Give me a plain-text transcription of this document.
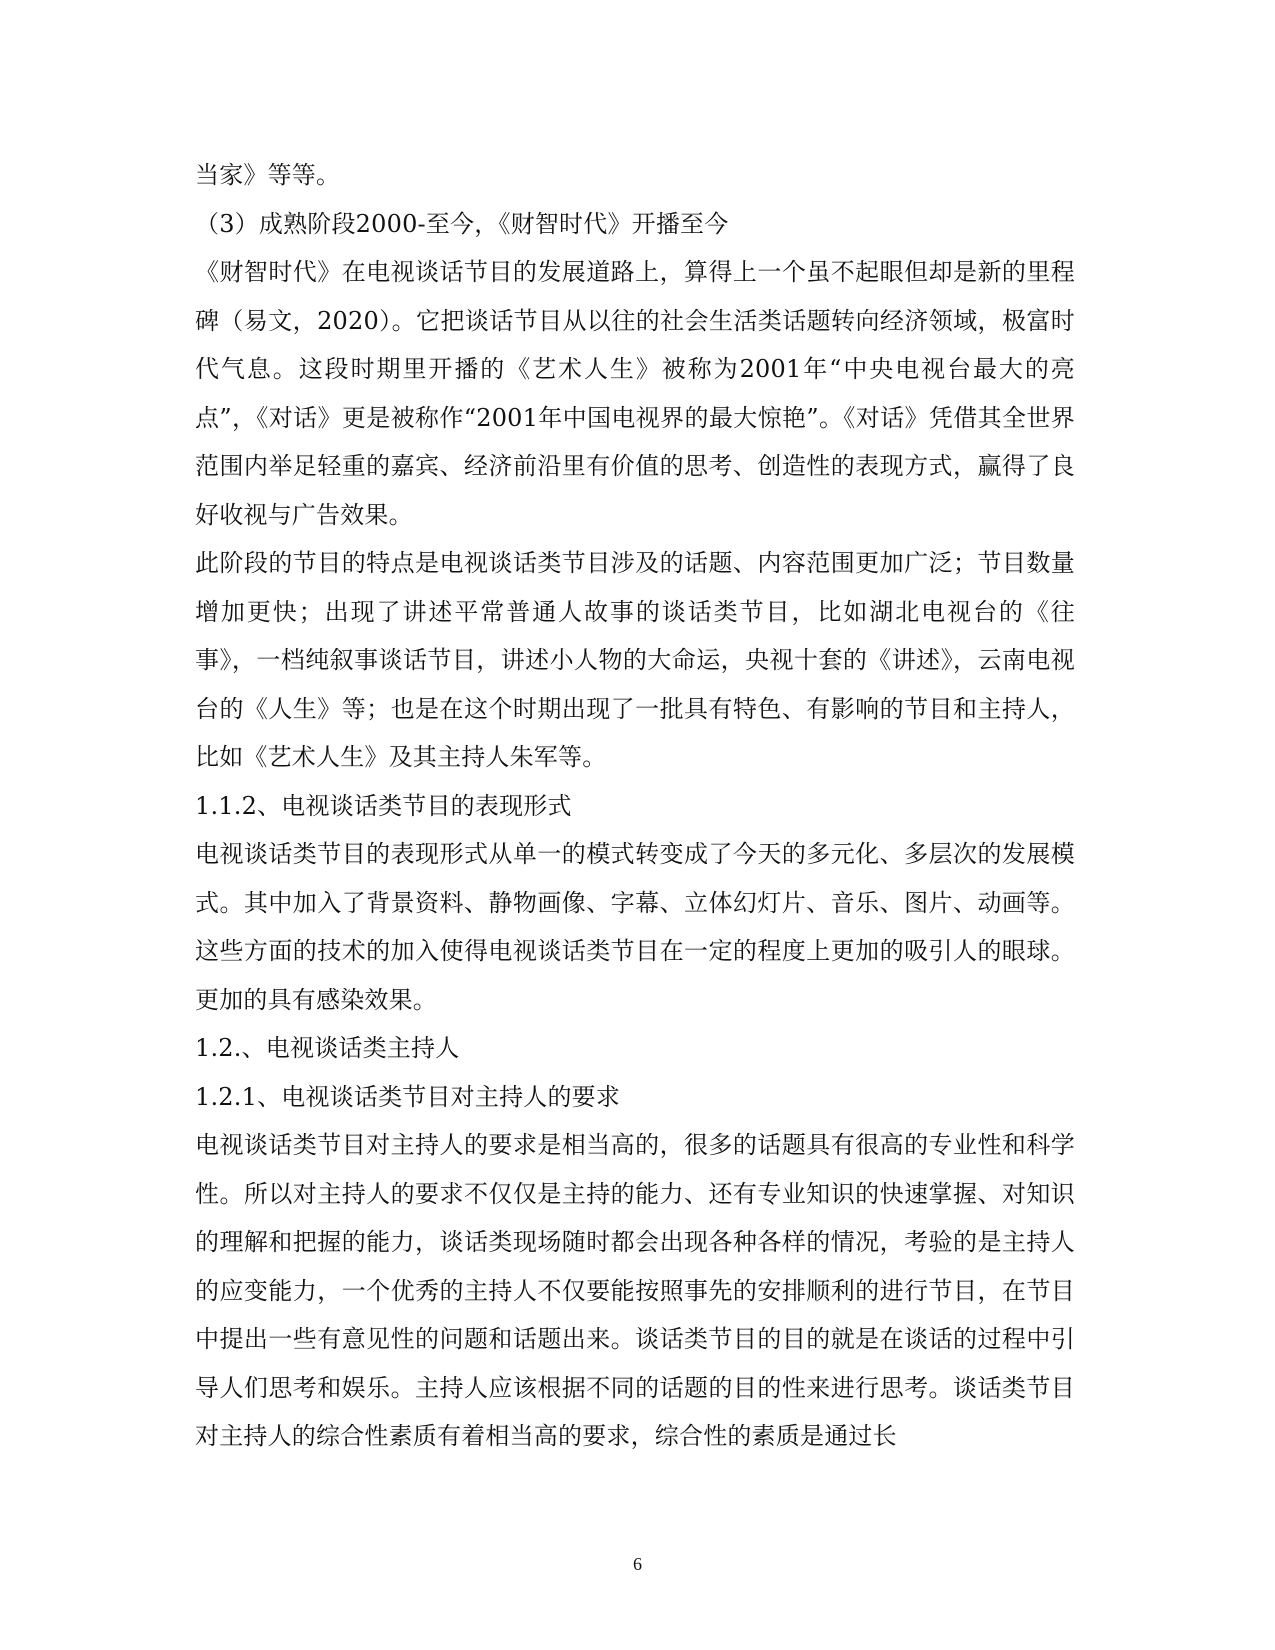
当家》等等。

（3）成熟阶段2000-至今，《财智时代》开播至今

《财智时代》在电视谈话节目的发展道路上，算得上一个虽不起眼但却是新的里程碑（易文，2020）。它把谈话节目从以往的社会生活类话题转向经济领域，极富时代气息。这段时期里开播的《艺术人生》被称为2001年“中央电视台最大的亮点”，《对话》更是被称作“2001年中国电视界的最大惊艳”。《对话》凭借其全世界范围内举足轻重的嘉宾、经济前沿里有价值的思考、创造性的表现方式，赢得了良好收视与广告效果。

此阶段的节目的特点是电视谈话类节目涉及的话题、内容范围更加广泛；节目数量增加更快；出现了讲述平常普通人故事的谈话类节目，比如湖北电视台的《往事》，一档纯叙事谈话节目，讲述小人物的大命运，央视十套的《讲述》，云南电视台的《人生》等；也是在这个时期出现了一批具有特色、有影响的节目和主持人，比如《艺术人生》及其主持人朱军等。

1.1.2、电视谈话类节目的表现形式

电视谈话类节目的表现形式从单一的模式转变成了今天的多元化、多层次的发展模式。其中加入了背景资料、静物画像、字幕、立体幻灯片、音乐、图片、动画等。这些方面的技术的加入使得电视谈话类节目在一定的程度上更加的吸引人的眼球。更加的具有感染效果。

1.2.、电视谈话类主持人

1.2.1、电视谈话类节目对主持人的要求

电视谈话类节目对主持人的要求是相当高的，很多的话题具有很高的专业性和科学性。所以对主持人的要求不仅仅是主持的能力、还有专业知识的快速掌握、对知识的理解和把握的能力，谈话类现场随时都会出现各种各样的情况，考验的是主持人的应变能力，一个优秀的主持人不仅要能按照事先的安排顺利的进行节目，在节目中提出一些有意见性的问题和话题出来。谈话类节目的目的就是在谈话的过程中引导人们思考和娱乐。主持人应该根据不同的话题的目的性来进行思考。谈话类节目对主持人的综合性素质有着相当高的要求，综合性的素质是通过长

6
